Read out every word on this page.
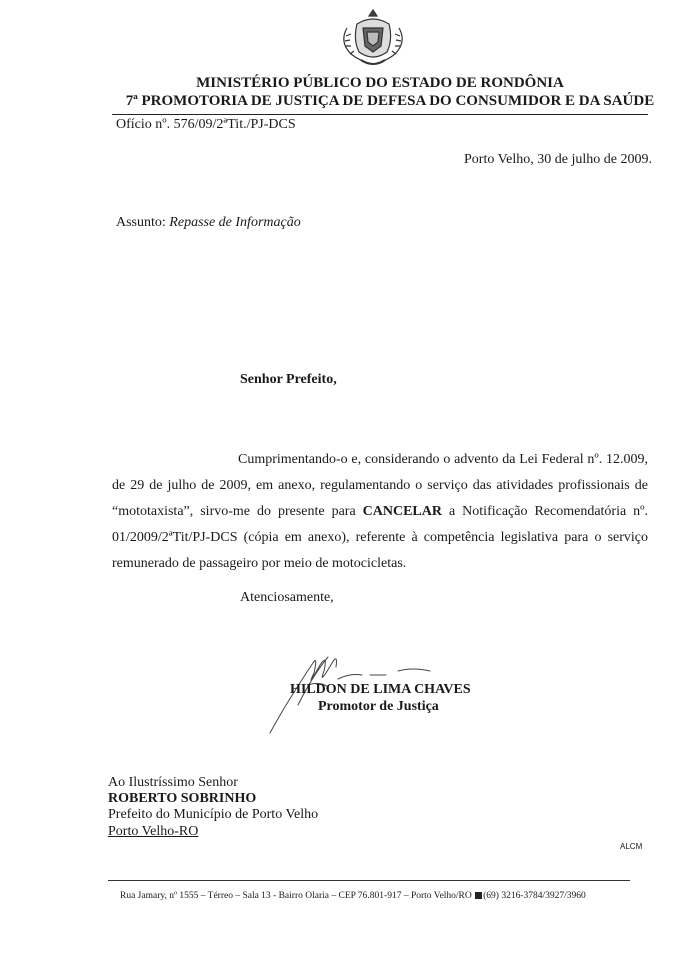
MINISTÉRIO PÚBLICO DO ESTADO DE RONDÔNIA
7ª PROMOTORIA DE JUSTIÇA DE DEFESA DO CONSUMIDOR E DA SAÚDE
Ofício nº. 576/09/2ªTit./PJ-DCS
Porto Velho, 30 de julho de 2009.
Assunto: Repasse de Informação
Senhor Prefeito,
Cumprimentando-o e, considerando o advento da Lei Federal nº. 12.009,
de 29 de julho de 2009, em anexo, regulamentando o serviço das atividades profissionais de
“mototaxista”, sirvo-me do presente para CANCELAR a Notificação Recomendatória nº.
01/2009/2ªTit/PJ-DCS (cópia em anexo), referente à competência legislativa para o serviço
remunerado de passageiro por meio de motocicletas.
Atenciosamente,
HILDON DE LIMA CHAVES
Promotor de Justiça
Ao Ilustríssimo Senhor
ROBERTO SOBRINHO
Prefeito do Município de Porto Velho
Porto Velho-RO
ALCM
Rua Jamary, nº 1555 – Térreo – Sala 13 - Bairro Olaria – CEP 76.801-917 – Porto Velho/RO (69) 3216-3784/3927/3960
